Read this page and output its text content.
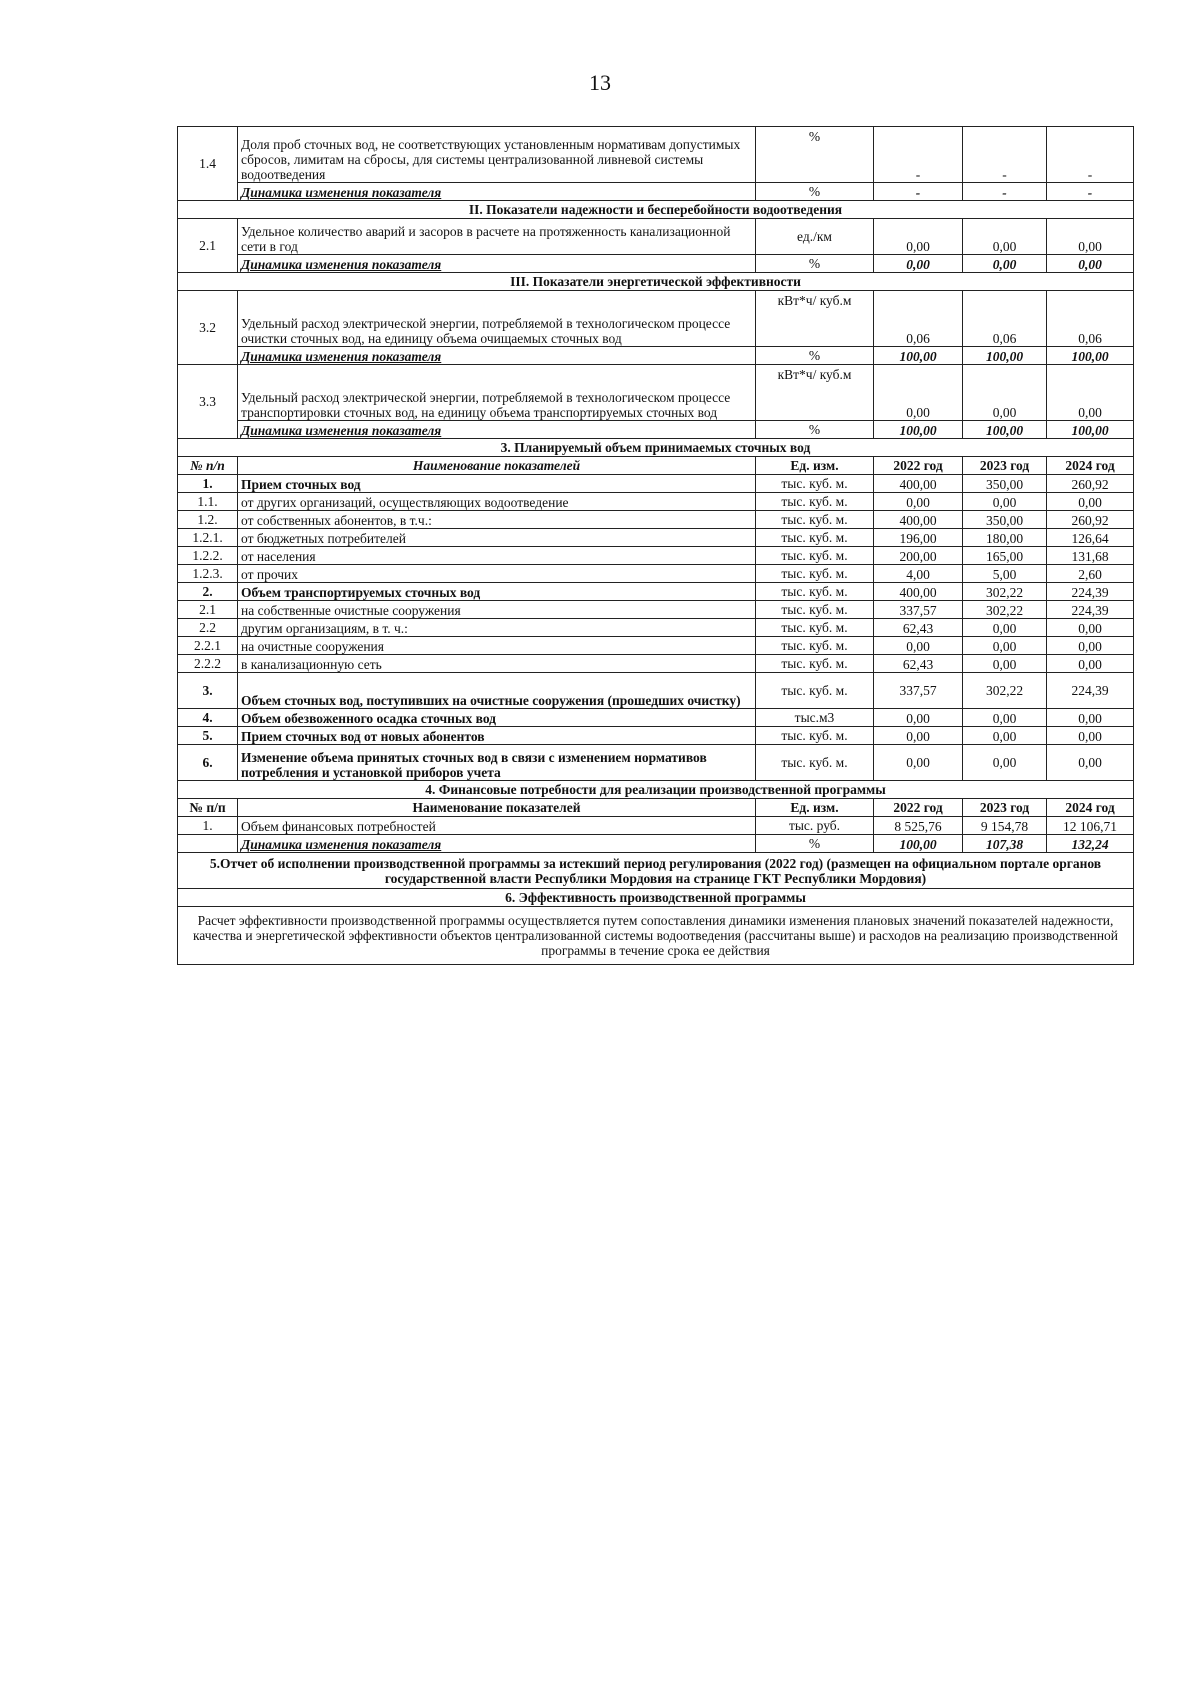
13
1.4	Доля проб сточных вод, не соответствующих установленным нормативам допустимых сбросов, лимитам на сбросы, для системы централизованной ливневой системы водоотведения	%	-	-	-
	Динамика изменения показателя	%	-	-	-
II. Показатели надежности и бесперебойности водоотведения					
2.1	Удельное количество аварий и засоров в расчете на протяженность канализационной сети в год	ед./км	0,00	0,00	0,00
	Динамика изменения показателя	%	0,00	0,00	0,00
III. Показатели энергетической эффективности					
3.2	Удельный расход электрической энергии, потребляемой в технологическом процессе очистки сточных вод, на единицу объема очищаемых сточных вод	кВт*ч/ куб.м	0,06	0,06	0,06
	Динамика изменения показателя	%	100,00	100,00	100,00
3.3	Удельный расход электрической энергии, потребляемой в технологическом процессе транспортировки сточных вод, на единицу объема транспортируемых сточных вод	кВт*ч/ куб.м	0,00	0,00	0,00
	Динамика изменения показателя	%	100,00	100,00	100,00
3. Планируемый объем принимаемых сточных вод					
№ п/п	Наименование показателей	Ед. изм.	2022 год	2023 год	2024 год
1.	Прием сточных вод	тыс. куб. м.	400,00	350,00	260,92
1.1.	от других организаций, осуществляющих водоотведение	тыс. куб. м.	0,00	0,00	0,00
1.2.	от собственных абонентов, в т.ч.:	тыс. куб. м.	400,00	350,00	260,92
1.2.1.	от бюджетных потребителей	тыс. куб. м.	196,00	180,00	126,64
1.2.2.	от населения	тыс. куб. м.	200,00	165,00	131,68
1.2.3.	от прочих	тыс. куб. м.	4,00	5,00	2,60
2.	Объем транспортируемых сточных вод	тыс. куб. м.	400,00	302,22	224,39
2.1	на собственные очистные сооружения	тыс. куб. м.	337,57	302,22	224,39
2.2	другим организациям, в т. ч.:	тыс. куб. м.	62,43	0,00	0,00
2.2.1	на очистные сооружения	тыс. куб. м.	0,00	0,00	0,00
2.2.2	в канализационную сеть	тыс. куб. м.	62,43	0,00	0,00
3.	Объем сточных вод, поступивших на очистные сооружения (прошедших очистку)	тыс. куб. м.	337,57	302,22	224,39
4.	Объем обезвоженного осадка сточных вод	тыс.м3	0,00	0,00	0,00
5.	Прием сточных вод от новых абонентов	тыс. куб. м.	0,00	0,00	0,00
6.	Изменение объема принятых сточных вод в связи с изменением нормативов потребления и установкой приборов учета	тыс. куб. м.	0,00	0,00	0,00
4. Финансовые потребности для реализации производственной программы					
№ п/п	Наименование показателей	Ед. изм.	2022 год	2023 год	2024 год
1.	Объем финансовых потребностей	тыс. руб.	8 525,76	9 154,78	12 106,71
	Динамика изменения показателя	%	100,00	107,38	132,24
5.Отчет об исполнении производственной программы за истекший период регулирования (2022 год) (размещен на официальном портале органов государственной власти Республики Мордовия на странице ГКТ Республики Мордовия)					
6. Эффективность производственной программы					
Расчет эффективности производственной программы осуществляется путем сопоставления динамики изменения плановых значений показателей надежности, качества и энергетической эффективности объектов централизованной системы водоотведения (рассчитаны выше) и расходов на реализацию производственной программы в течение срока ее действия					
